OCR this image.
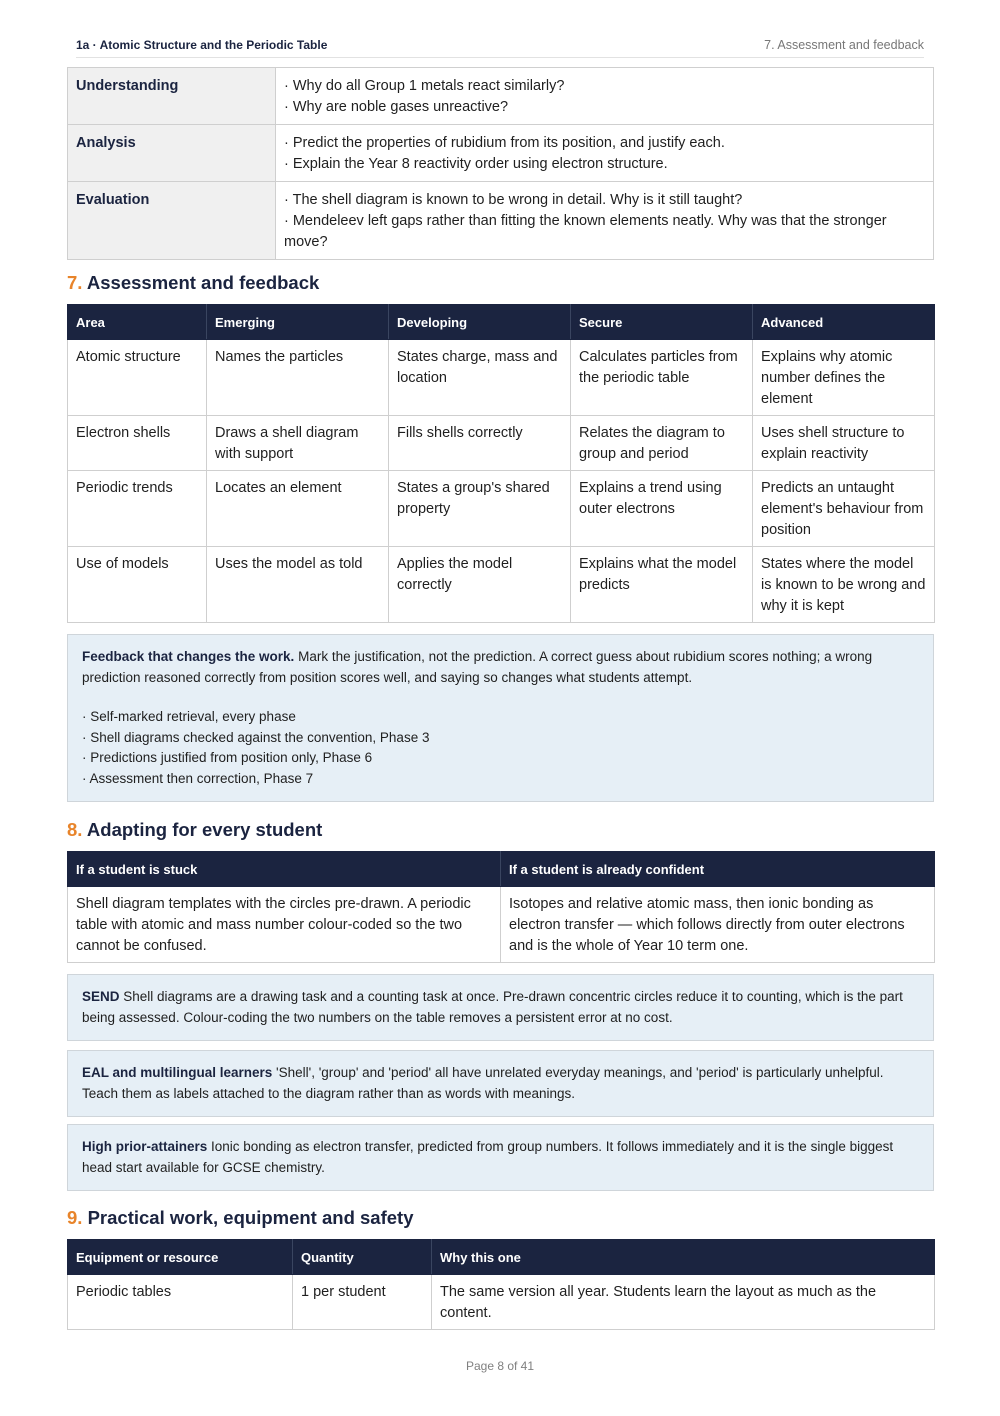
1a · Atomic Structure and the Periodic Table	7. Assessment and feedback
Understanding	· Why do all Group 1 metals react similarly?
· Why are noble gases unreactive?

Analysis	· Predict the properties of rubidium from its position, and justify each.
· Explain the Year 8 reactivity order using electron structure.

Evaluation	· The shell diagram is known to be wrong in detail. Why is it still taught?
· Mendeleev left gaps rather than fitting the known elements neatly. Why was that the stronger move?
7. Assessment and feedback
Area	Emerging	Developing	Secure	Advanced
Atomic structure	Names the particles	States charge, mass and location	Calculates particles from the periodic table	Explains why atomic number defines the element
Electron shells	Draws a shell diagram with support	Fills shells correctly	Relates the diagram to group and period	Uses shell structure to explain reactivity
Periodic trends	Locates an element	States a group's shared property	Explains a trend using outer electrons	Predicts an untaught element's behaviour from position
Use of models	Uses the model as told	Applies the model correctly	Explains what the model predicts	States where the model is known to be wrong and why it is kept

Feedback that changes the work. Mark the justification, not the prediction. A correct guess about rubidium scores nothing; a wrong prediction reasoned correctly from position scores well, and saying so changes what students attempt.

· Self-marked retrieval, every phase
· Shell diagrams checked against the convention, Phase 3
· Predictions justified from position only, Phase 6
· Assessment then correction, Phase 7
8. Adapting for every student
If a student is stuck	If a student is already confident
Shell diagram templates with the circles pre-drawn. A periodic table with atomic and mass number colour-coded so the two cannot be confused.	Isotopes and relative atomic mass, then ionic bonding as electron transfer — which follows directly from outer electrons and is the whole of Year 10 term one.

SEND Shell diagrams are a drawing task and a counting task at once. Pre-drawn concentric circles reduce it to counting, which is the part being assessed. Colour-coding the two numbers on the table removes a persistent error at no cost.

EAL and multilingual learners 'Shell', 'group' and 'period' all have unrelated everyday meanings, and 'period' is particularly unhelpful. Teach them as labels attached to the diagram rather than as words with meanings.

High prior-attainers Ionic bonding as electron transfer, predicted from group numbers. It follows immediately and it is the single biggest head start available for GCSE chemistry.

9. Practical work, equipment and safety
Equipment or resource	Quantity	Why this one
Periodic tables	1 per student	The same version all year. Students learn the layout as much as the content.
Page 8 of 41
